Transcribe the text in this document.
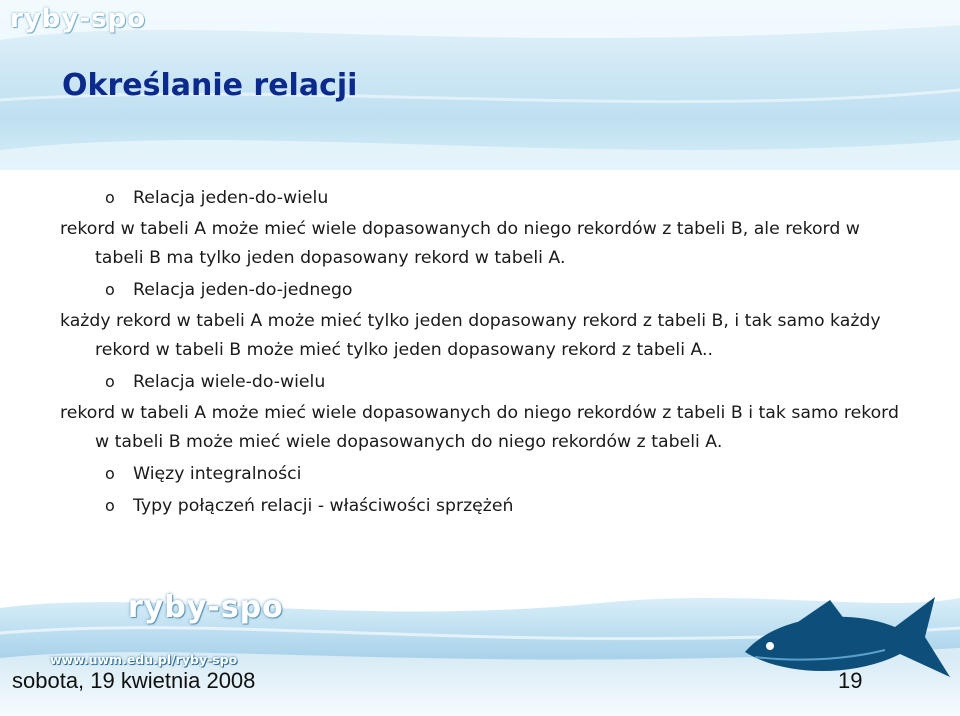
ryby-spo
Określanie relacji
o	Relacja jeden-do-wielu

rekord w tabeli A może mieć wiele dopasowanych do niego rekordów z tabeli B, ale rekord w tabeli B ma tylko jeden dopasowany rekord w tabeli A.

o	Relacja jeden-do-jednego

każdy rekord w tabeli A może mieć tylko jeden dopasowany rekord z tabeli B, i tak samo każdy rekord w tabeli B może mieć tylko jeden dopasowany rekord z tabeli A..

o	Relacja wiele-do-wielu

rekord w tabeli A może mieć wiele dopasowanych do niego rekordów z tabeli B i tak samo rekord w tabeli B może mieć wiele dopasowanych do niego rekordów z tabeli A.

o	Więzy integralności
o	Typy połączeń relacji - właściwości sprzężeń
ryby-spo
www.uwm.edu.pl/ryby-spo
sobota, 19 kwietnia 2008	19
